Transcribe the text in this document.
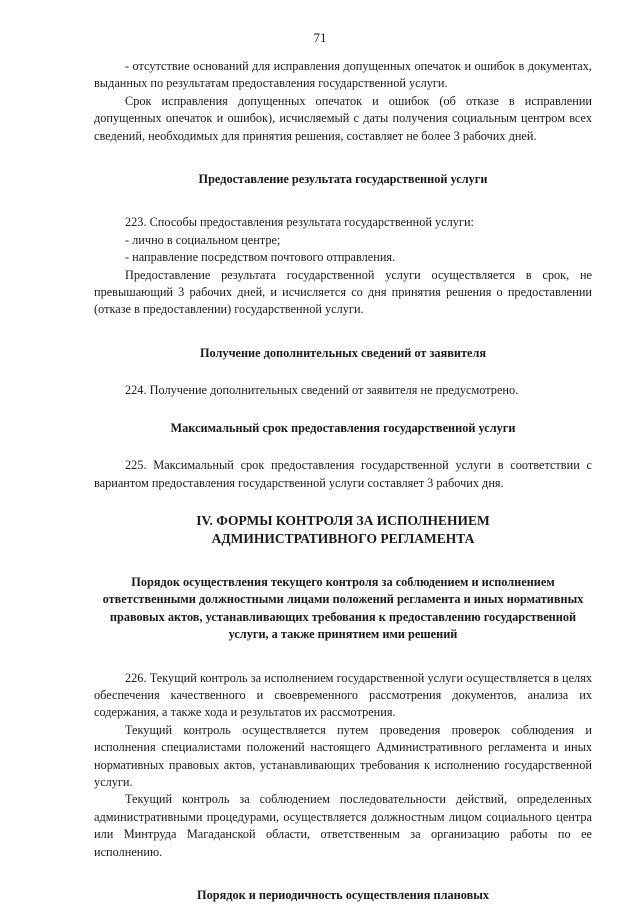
71

- отсутствие оснований для исправления допущенных опечаток и ошибок в документах, выданных по результатам предоставления государственной услуги.

Срок исправления допущенных опечаток и ошибок (об отказе в исправлении допущенных опечаток и ошибок), исчисляемый с даты получения социальным центром всех сведений, необходимых для принятия решения, составляет не более 3 рабочих дней.

Предоставление результата государственной услуги

223. Способы предоставления результата государственной услуги:

- лично в социальном центре;

- направление посредством почтового отправления.

Предоставление результата государственной услуги осуществляется в срок, не превышающий 3 рабочих дней, и исчисляется со дня принятия решения о предоставлении (отказе в предоставлении) государственной услуги.

Получение дополнительных сведений от заявителя

224. Получение дополнительных сведений от заявителя не предусмотрено.

Максимальный срок предоставления государственной услуги

225. Максимальный срок предоставления государственной услуги в соответствии с вариантом предоставления государственной услуги составляет 3 рабочих дня.

IV. ФОРМЫ КОНТРОЛЯ ЗА ИСПОЛНЕНИЕМ

АДМИНИСТРАТИВНОГО РЕГЛАМЕНТА

Порядок осуществления текущего контроля за соблюдением и исполнением ответственными должностными лицами положений регламента и иных нормативных правовых актов, устанавливающих требования к предоставлению государственной услуги, а также принятием ими решений

226. Текущий контроль за исполнением государственной услуги осуществляется в целях обеспечения качественного и своевременного рассмотрения документов, анализа их содержания, а также хода и результатов их рассмотрения.

Текущий контроль осуществляется путем проведения проверок соблюдения и исполнения специалистами положений настоящего Административного регламента и иных нормативных правовых актов, устанавливающих требования к исполнению государственной услуги.

Текущий контроль за соблюдением последовательности действий, определенных административными процедурами, осуществляется должностным лицом социального центра или Минтруда Магаданской области, ответственным за организацию работы по ее исполнению.

Порядок и периодичность осуществления плановых
